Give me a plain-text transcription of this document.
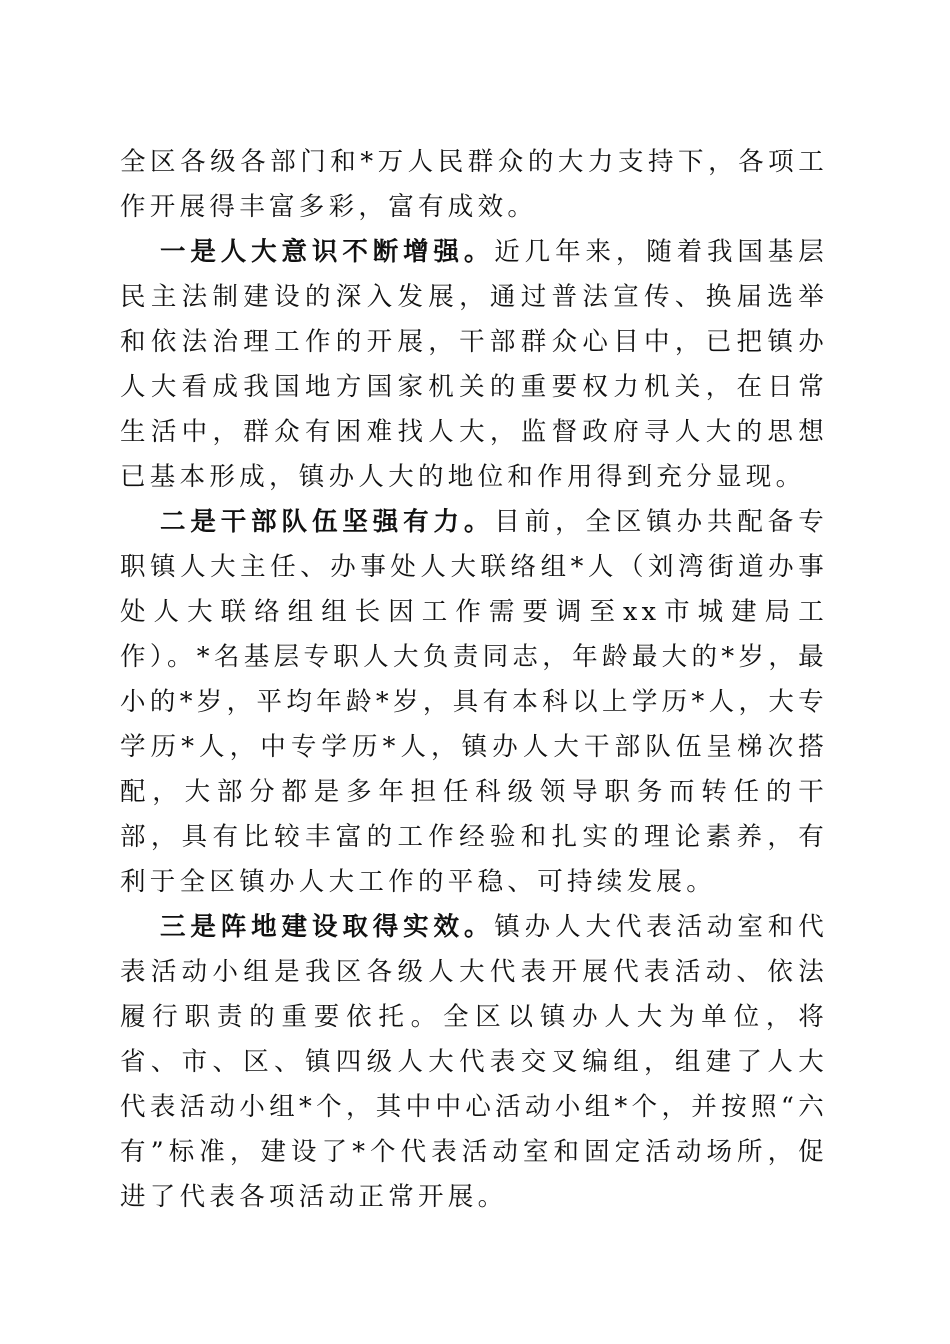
全区各级各部门和*万人民群众的大力支持下，各项工作开展得丰富多彩，富有成效。

一是人大意识不断增强。近几年来，随着我国基层民主法制建设的深入发展，通过普法宣传、换届选举和依法治理工作的开展，干部群众心目中，已把镇办人大看成我国地方国家机关的重要权力机关，在日常生活中，群众有困难找人大，监督政府寻人大的思想已基本形成，镇办人大的地位和作用得到充分显现。

二是干部队伍坚强有力。目前，全区镇办共配备专职镇人大主任、办事处人大联络组*人（刘湾街道办事处人大联络组组长因工作需要调至xx市城建局工作）。*名基层专职人大负责同志，年龄最大的*岁，最小的*岁，平均年龄*岁，具有本科以上学历*人，大专学历*人，中专学历*人，镇办人大干部队伍呈梯次搭配，大部分都是多年担任科级领导职务而转任的干部，具有比较丰富的工作经验和扎实的理论素养，有利于全区镇办人大工作的平稳、可持续发展。

三是阵地建设取得实效。镇办人大代表活动室和代表活动小组是我区各级人大代表开展代表活动、依法履行职责的重要依托。全区以镇办人大为单位，将省、市、区、镇四级人大代表交叉编组，组建了人大代表活动小组*个，其中中心活动小组*个，并按照“六有”标准，建设了*个代表活动室和固定活动场所，促进了代表各项活动正常开展。
